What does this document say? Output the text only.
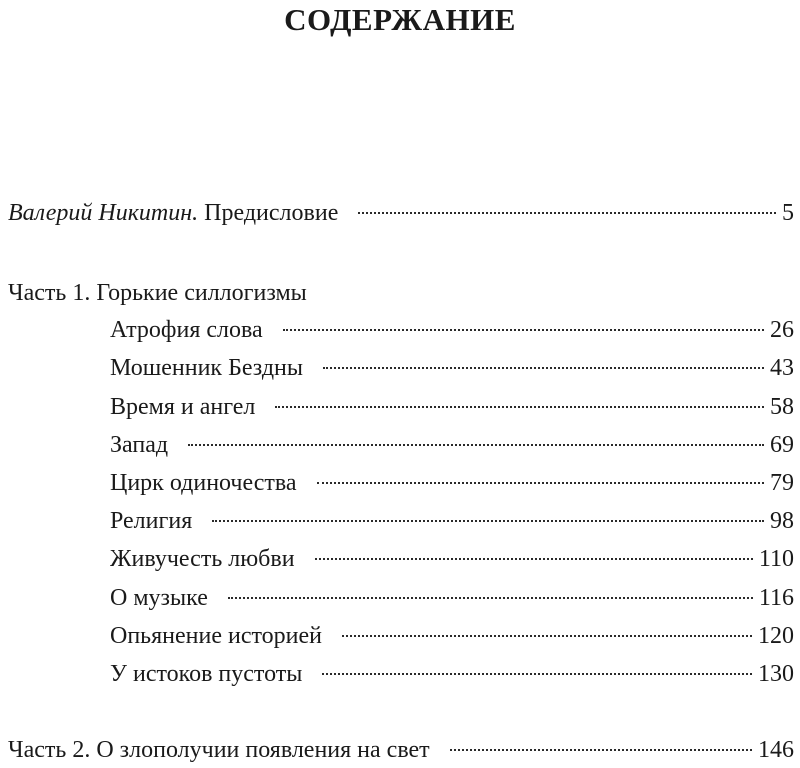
СОДЕРЖАНИЕ
Валерий Никитин. Предисловие	5
Часть 1. Горькие силлогизмы
Атрофия слова	26
Мошенник Бездны	43
Время и ангел	58
Запад	69
Цирк одиночества	79
Религия	98
Живучесть любви	110
О музыке	116
Опьянение историей	120
У истоков пустоты	130
Часть 2. О злополучии появления на свет	146
